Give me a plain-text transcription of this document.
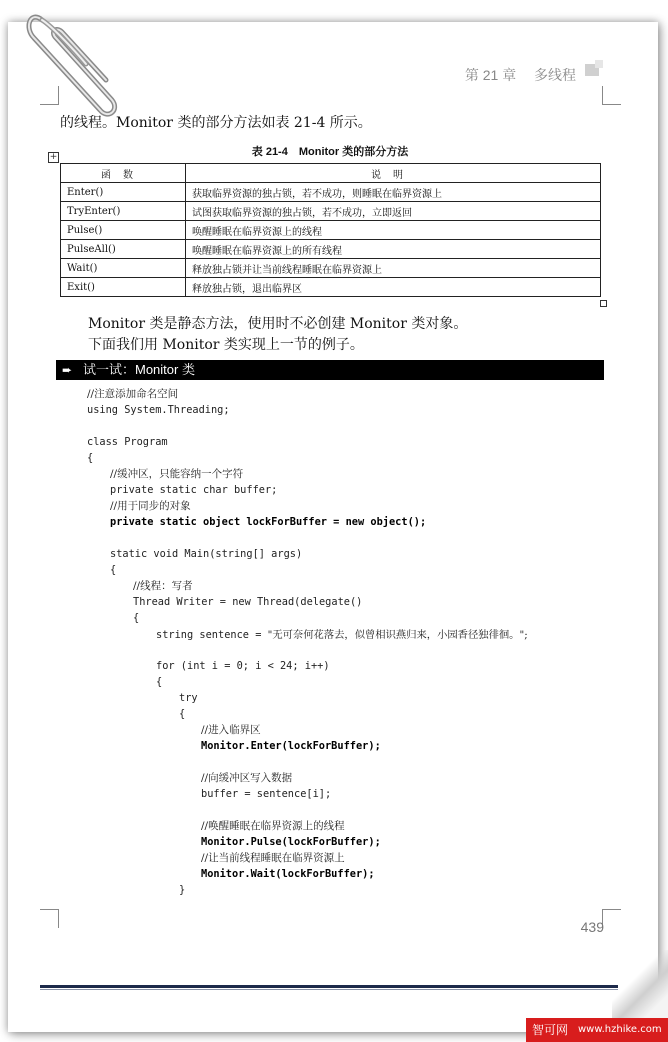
第 21 章 多线程
的线程。Monitor 类的部分方法如表 21-4 所示。
表 21-4　Monitor 类的部分方法
+
函数	说明
Enter()	获取临界资源的独占锁，若不成功，则睡眠在临界资源上
TryEnter()	试图获取临界资源的独占锁，若不成功，立即返回
Pulse()	唤醒睡眠在临界资源上的线程
PulseAll()	唤醒睡眠在临界资源上的所有线程
Wait()	释放独占锁并让当前线程睡眠在临界资源上
Exit()	释放独占锁，退出临界区
Monitor 类是静态方法，使用时不必创建 Monitor 类对象。
下面我们用 Monitor 类实现上一节的例子。
➨ 试一试：Monitor 类
//注意添加命名空间
using System.Threading;
class Program
{
//缓冲区，只能容纳一个字符
private static char buffer;
//用于同步的对象
private static object lockForBuffer = new object();
static void Main(string[] args)
{
//线程：写者
Thread Writer = new Thread(delegate()
{
string sentence = "无可奈何花落去，似曾相识燕归来，小园香径独徘徊。";
for (int i = 0; i < 24; i++)
{
try
{
//进入临界区
Monitor.Enter(lockForBuffer);
//向缓冲区写入数据
buffer = sentence[i];
//唤醒睡眠在临界资源上的线程
Monitor.Pulse(lockForBuffer);
//让当前线程睡眠在临界资源上
Monitor.Wait(lockForBuffer);
}
439
智可网 www.hzhike.com
